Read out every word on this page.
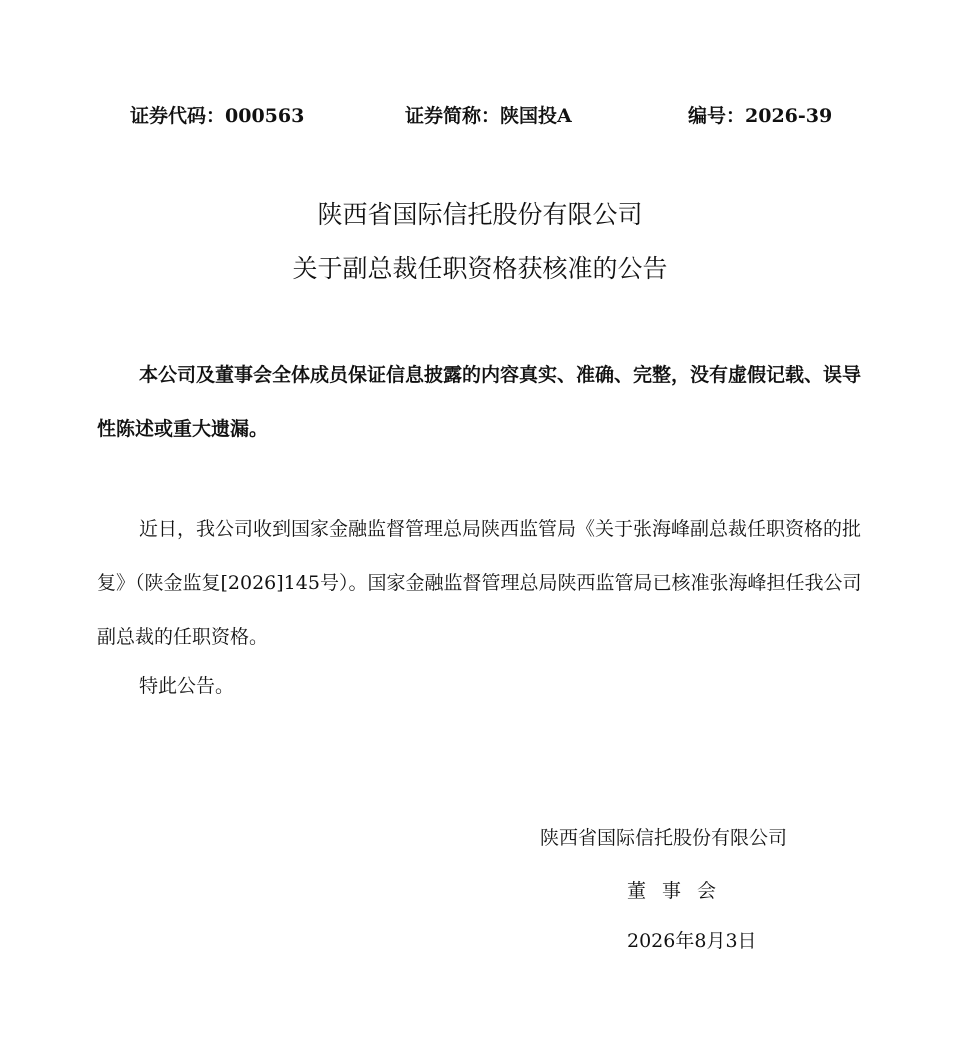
证券代码：000563	证券简称：陕国投A	编号：2026-39
陕西省国际信托股份有限公司
关于副总裁任职资格获核准的公告

本公司及董事会全体成员保证信息披露的内容真实、准确、完整，没有虚假记载、误导性陈述或重大遗漏。

近日，我公司收到国家金融监督管理总局陕西监管局《关于张海峰副总裁任职资格的批复》（陕金监复[2026]145号）。国家金融监督管理总局陕西监管局已核准张海峰担任我公司副总裁的任职资格。

特此公告。

陕西省国际信托股份有限公司
董事会
2026年8月3日
